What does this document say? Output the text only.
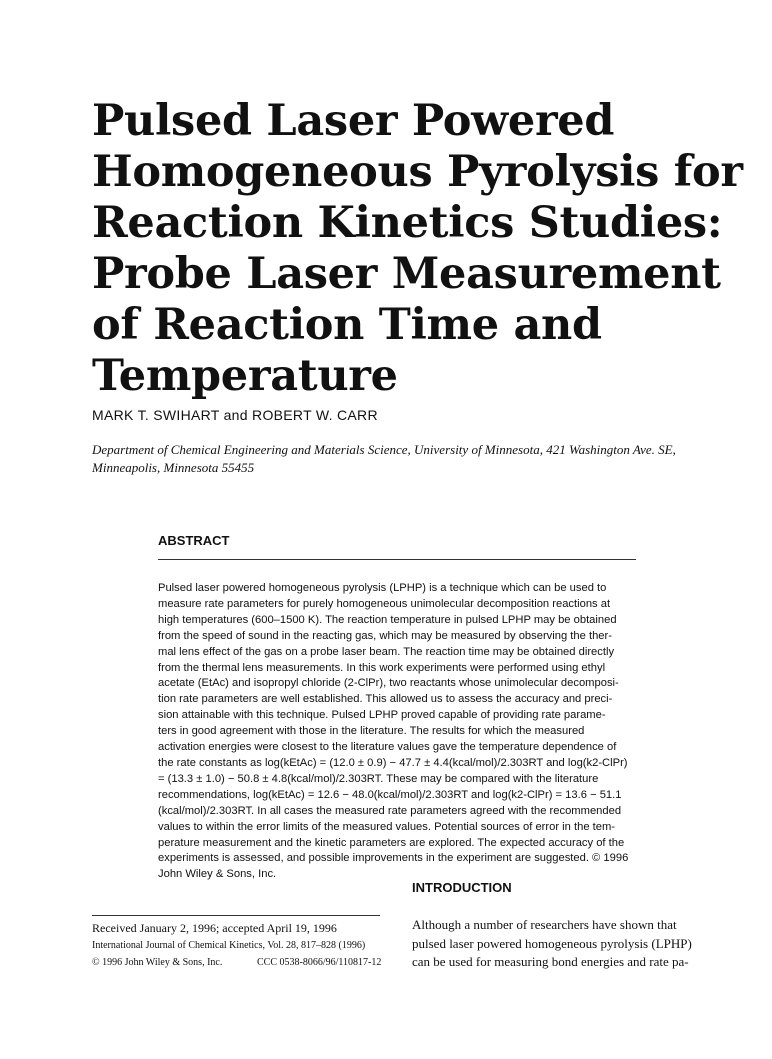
Pulsed Laser Powered
Homogeneous Pyrolysis for
Reaction Kinetics Studies:
Probe Laser Measurement
of Reaction Time and
Temperature
MARK T. SWIHART and ROBERT W. CARR
Department of Chemical Engineering and Materials Science, University of Minnesota, 421 Washington Ave. SE,
Minneapolis, Minnesota 55455
ABSTRACT
Pulsed laser powered homogeneous pyrolysis (LPHP) is a technique which can be used to
measure rate parameters for purely homogeneous unimolecular decomposition reactions at
high temperatures (600–1500 K). The reaction temperature in pulsed LPHP may be obtained
from the speed of sound in the reacting gas, which may be measured by observing the ther-
mal lens effect of the gas on a probe laser beam. The reaction time may be obtained directly
from the thermal lens measurements. In this work experiments were performed using ethyl
acetate (EtAc) and isopropyl chloride (2-ClPr), two reactants whose unimolecular decomposi-
tion rate parameters are well established. This allowed us to assess the accuracy and preci-
sion attainable with this technique. Pulsed LPHP proved capable of providing rate parame-
ters in good agreement with those in the literature. The results for which the measured
activation energies were closest to the literature values gave the temperature dependence of
the rate constants as log(kEtAc) = (12.0 ± 0.9) − 47.7 ± 4.4(kcal/mol)/2.303RT and log(k2-ClPr)
= (13.3 ± 1.0) − 50.8 ± 4.8(kcal/mol)/2.303RT. These may be compared with the literature
recommendations, log(kEtAc) = 12.6 − 48.0(kcal/mol)/2.303RT and log(k2-ClPr) = 13.6 − 51.1
(kcal/mol)/2.303RT. In all cases the measured rate parameters agreed with the recommended
values to within the error limits of the measured values. Potential sources of error in the tem-
perature measurement and the kinetic parameters are explored. The expected accuracy of the
experiments is assessed, and possible improvements in the experiment are suggested. © 1996
John Wiley & Sons, Inc.
INTRODUCTION
Received January 2, 1996; accepted April 19, 1996
International Journal of Chemical Kinetics, Vol. 28, 817–828 (1996)
© 1996 John Wiley & Sons, Inc.	CCC 0538-8066/96/110817-12
Although a number of researchers have shown that
pulsed laser powered homogeneous pyrolysis (LPHP)
can be used for measuring bond energies and rate pa-
